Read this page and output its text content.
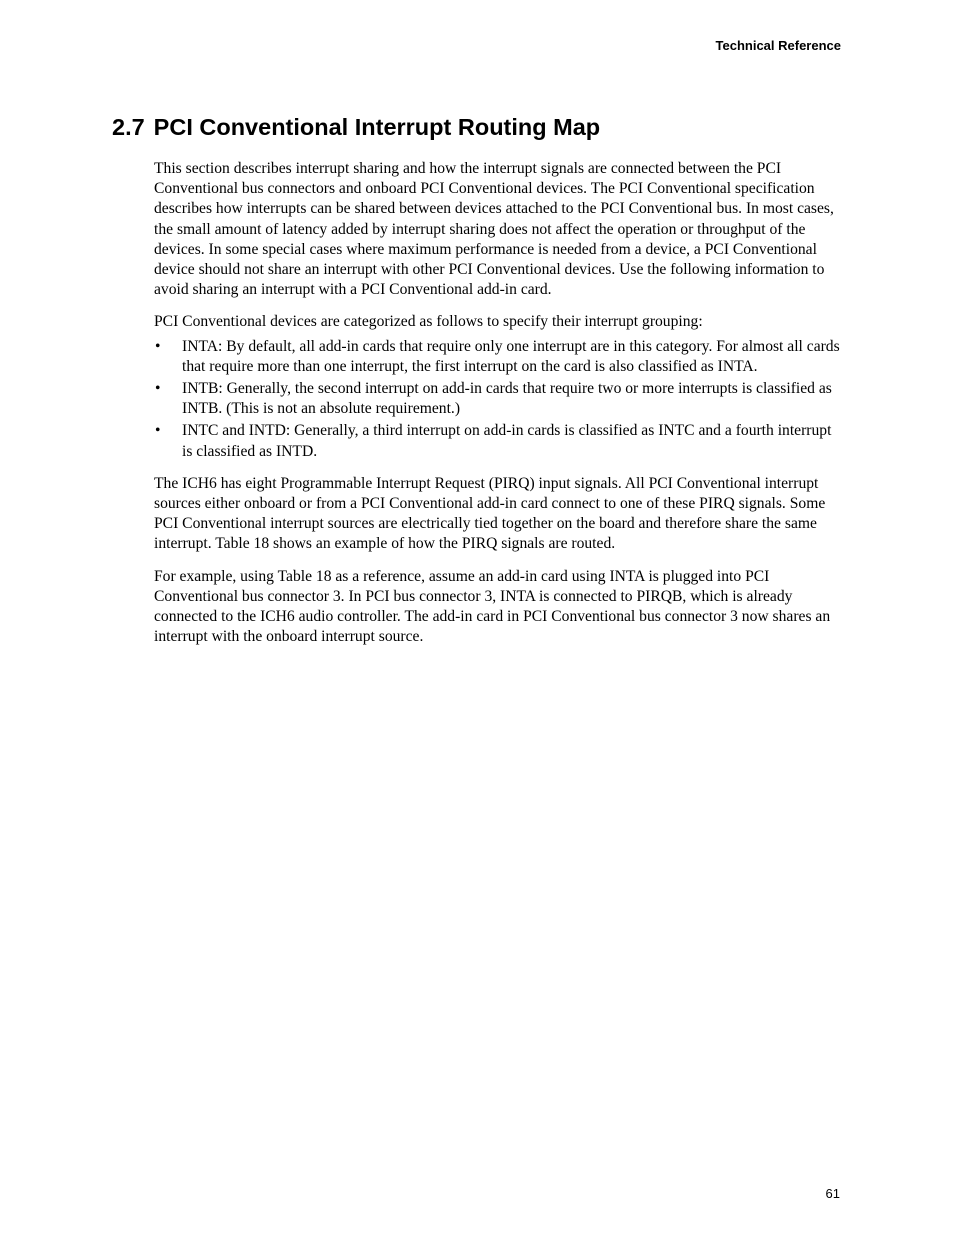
Technical Reference
2.7 PCI Conventional Interrupt Routing Map

This section describes interrupt sharing and how the interrupt signals are connected between the PCI Conventional bus connectors and onboard PCI Conventional devices. The PCI Conventional specification describes how interrupts can be shared between devices attached to the PCI Conventional bus. In most cases, the small amount of latency added by interrupt sharing does not affect the operation or throughput of the devices. In some special cases where maximum performance is needed from a device, a PCI Conventional device should not share an interrupt with other PCI Conventional devices. Use the following information to avoid sharing an interrupt with a PCI Conventional add-in card.

PCI Conventional devices are categorized as follows to specify their interrupt grouping:

• INTA: By default, all add-in cards that require only one interrupt are in this category. For almost all cards that require more than one interrupt, the first interrupt on the card is also classified as INTA.
• INTB: Generally, the second interrupt on add-in cards that require two or more interrupts is classified as INTB. (This is not an absolute requirement.)
• INTC and INTD: Generally, a third interrupt on add-in cards is classified as INTC and a fourth interrupt is classified as INTD.

The ICH6 has eight Programmable Interrupt Request (PIRQ) input signals. All PCI Conventional interrupt sources either onboard or from a PCI Conventional add-in card connect to one of these PIRQ signals. Some PCI Conventional interrupt sources are electrically tied together on the board and therefore share the same interrupt. Table 18 shows an example of how the PIRQ signals are routed.

For example, using Table 18 as a reference, assume an add-in card using INTA is plugged into PCI Conventional bus connector 3. In PCI bus connector 3, INTA is connected to PIRQB, which is already connected to the ICH6 audio controller. The add-in card in PCI Conventional bus connector 3 now shares an interrupt with the onboard interrupt source.

61
